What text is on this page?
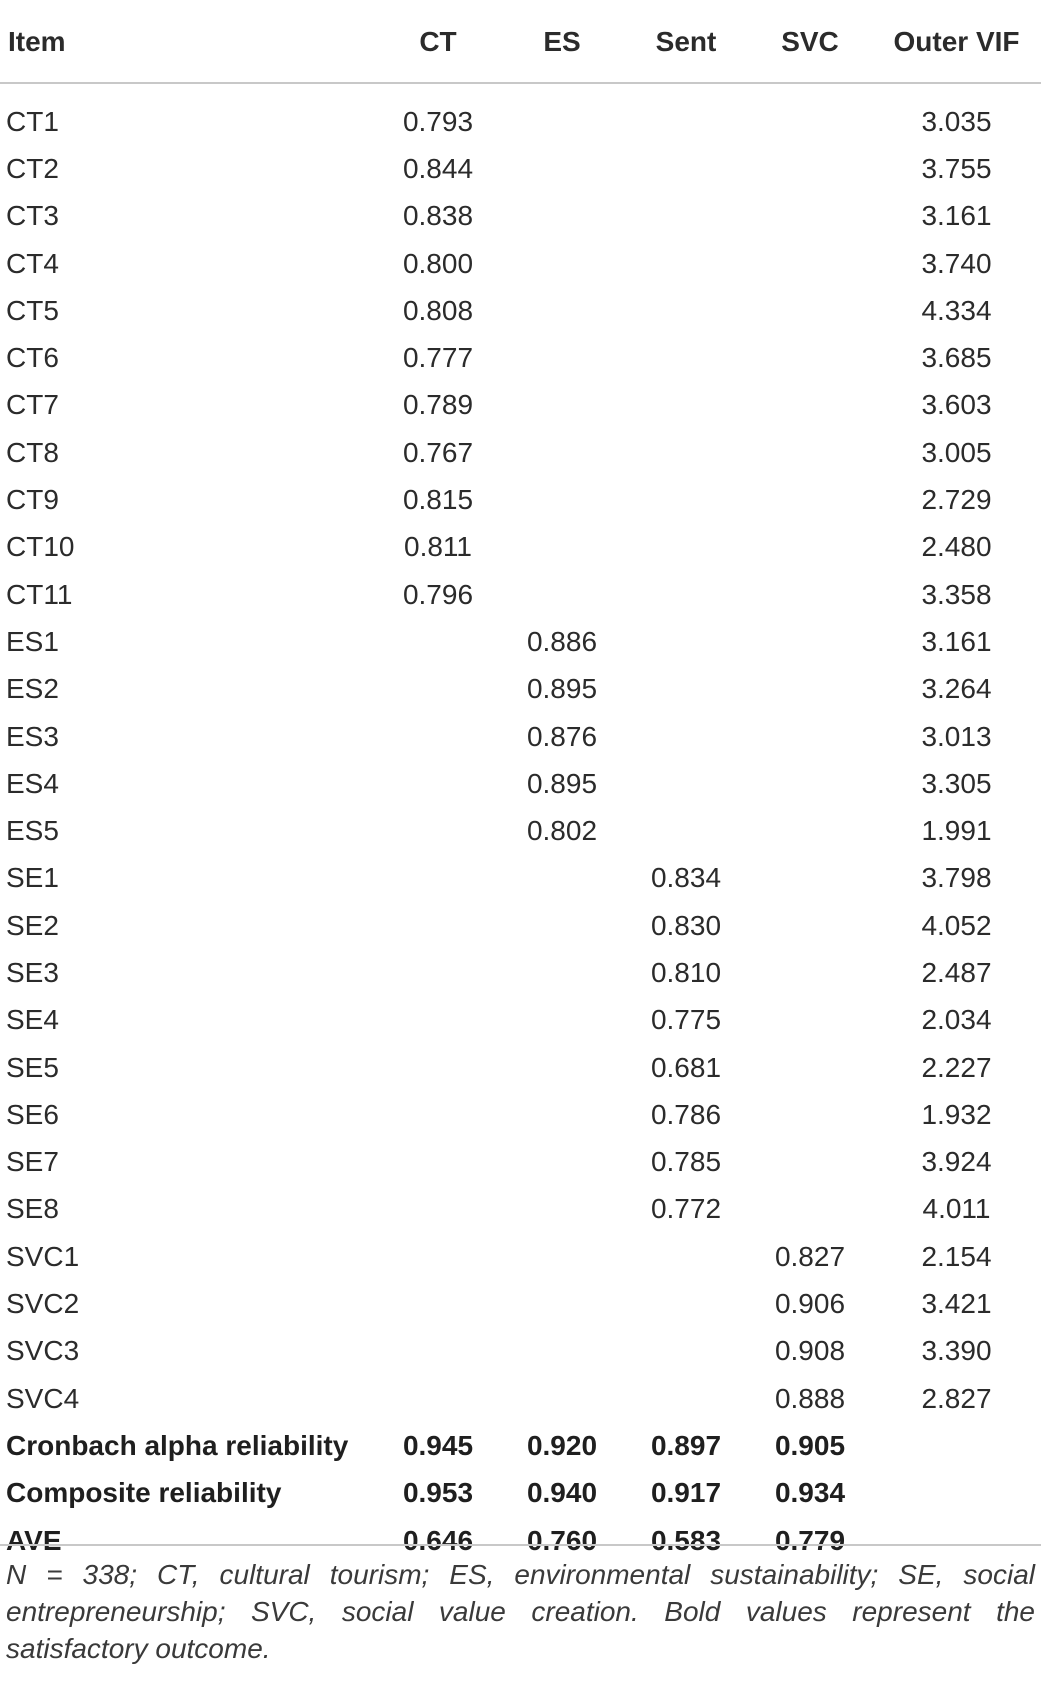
Item	CT	ES	Sent	SVC	Outer VIF
CT1	0.793				3.035
CT2	0.844				3.755
CT3	0.838				3.161
CT4	0.800				3.740
CT5	0.808				4.334
CT6	0.777				3.685
CT7	0.789				3.603
CT8	0.767				3.005
CT9	0.815				2.729
CT10	0.811				2.480
CT11	0.796				3.358
ES1		0.886			3.161
ES2		0.895			3.264
ES3		0.876			3.013
ES4		0.895			3.305
ES5		0.802			1.991
SE1			0.834		3.798
SE2			0.830		4.052
SE3			0.810		2.487
SE4			0.775		2.034
SE5			0.681		2.227
SE6			0.786		1.932
SE7			0.785		3.924
SE8			0.772		4.011
SVC1				0.827	2.154
SVC2				0.906	3.421
SVC3				0.908	3.390
SVC4				0.888	2.827
Cronbach alpha reliability	0.945	0.920	0.897	0.905	
Composite reliability	0.953	0.940	0.917	0.934	
AVE	0.646	0.760	0.583	0.779	
N = 338; CT, cultural tourism; ES, environmental sustainability; SE, social entrepreneurship; SVC, social value creation. Bold values represent the satisfactory outcome.
